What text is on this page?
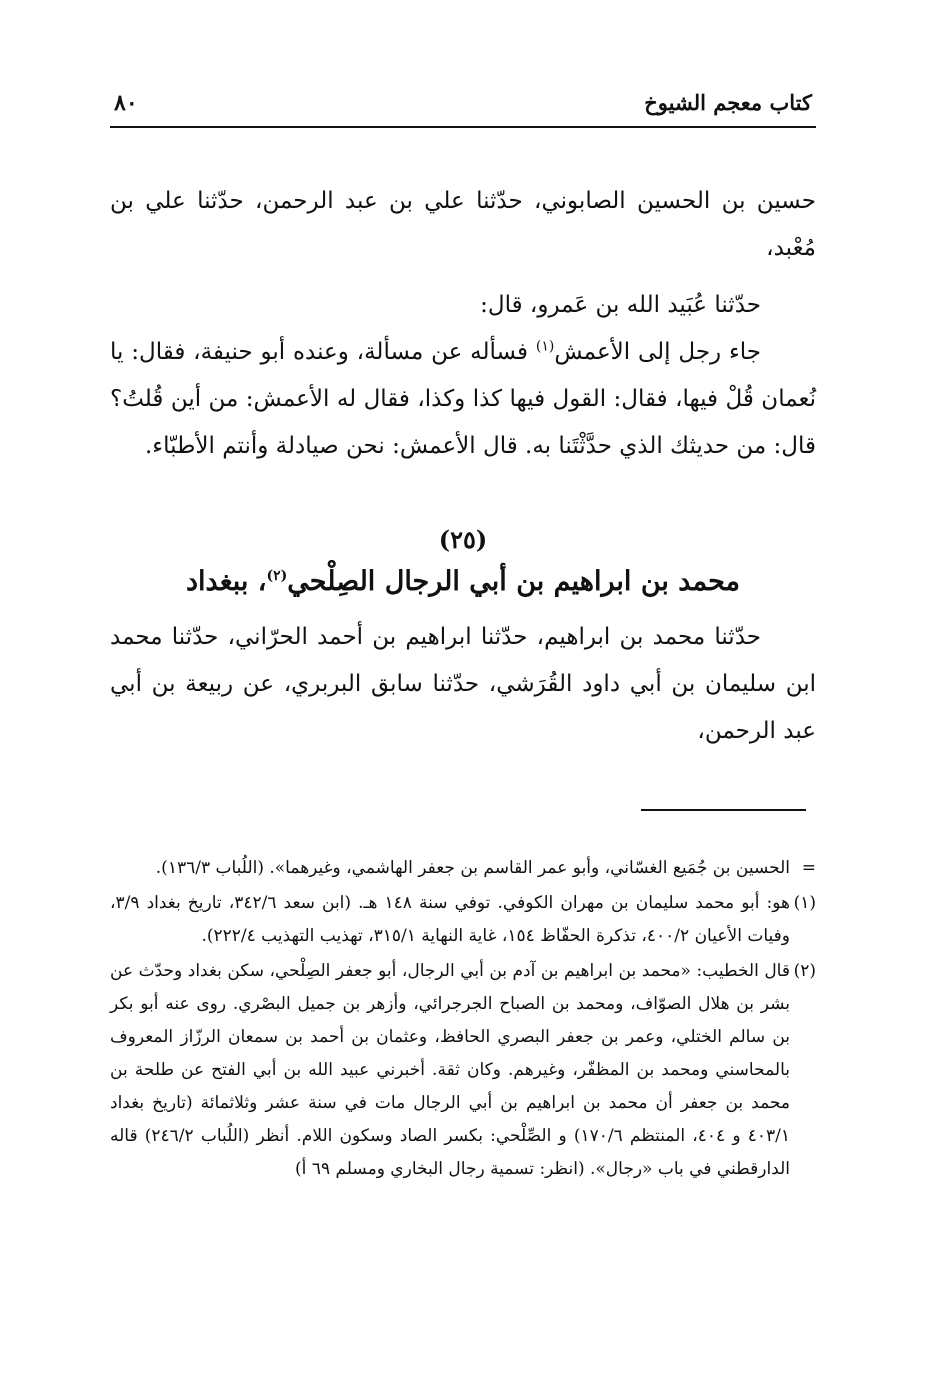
٨٠	كتاب معجم الشيوخ

حسين بن الحسين الصابوني، حدّثنا علي بن عبد الرحمن، حدّثنا علي بن مُعْبد،

حدّثنا عُبَيد الله بن عَمرو، قال:

جاء رجل إلى الأعمش$^{(١)}$ فسأله عن مسألة، وعنده أبو حنيفة، فقال: يا نُعمان قُلْ فيها، فقال: القول فيها كذا وكذا، فقال له الأعمش: من أين قُلتُ؟ قال: من حديثك الذي حدَّثْتَنا به. قال الأعمش: نحن صيادلة وأنتم الأطبّاء.

(٢٥)
محمد بن ابراهيم بن أبي الرجال الصِلْحي$^{(٢)}$، ببغداد

حدّثنا محمد بن ابراهيم، حدّثنا ابراهيم بن أحمد الحرّاني، حدّثنا محمد ابن سليمان بن أبي داود القُرَشي، حدّثنا سابق البربري، عن ربيعة بن أبي عبد الرحمن،

=
الحسين بن جُمَيع الغسّاني، وأبو عمر القاسم بن جعفر الهاشمي، وغيرهما». (اللُباب ١٣٦/٣).

(١)
هو: أبو محمد سليمان بن مهران الكوفي. توفي سنة ١٤٨ هـ. (ابن سعد ٣٤٢/٦، تاريخ بغداد ٣/٩، وفيات الأعيان ٤٠٠/٢، تذكرة الحفّاظ ١٥٤، غاية النهاية ٣١٥/١، تهذيب التهذيب ٢٢٢/٤).

(٢)
قال الخطيب: «محمد بن ابراهيم بن آدم بن أبي الرجال، أبو جعفر الصِلْحي، سكن بغداد وحدّث عن بشر بن هلال الصوّاف، ومحمد بن الصباح الجرجرائي، وأزهر بن جميل البصْري. روى عنه أبو بكر بن سالم الختلي، وعمر بن جعفر البصري الحافظ، وعثمان بن أحمد بن سمعان الرزّاز المعروف بالمحاسني ومحمد بن المظفّر، وغيرهم. وكان ثقة. أخبرني عبيد الله بن أبي الفتح عن طلحة بن محمد بن جعفر أن محمد بن ابراهيم بن أبي الرجال مات في سنة عشر وثلاثمائة (تاريخ بغداد ٤٠٣/١ و ٤٠٤، المنتظم ١٧٠/٦) و الصِّلْحي: بكسر الصاد وسكون اللام. أنظر (اللُباب ٢٤٦/٢) قاله الدارقطني في باب «رجال». (انظر: تسمية رجال البخاري ومسلم ٦٩ أ)
